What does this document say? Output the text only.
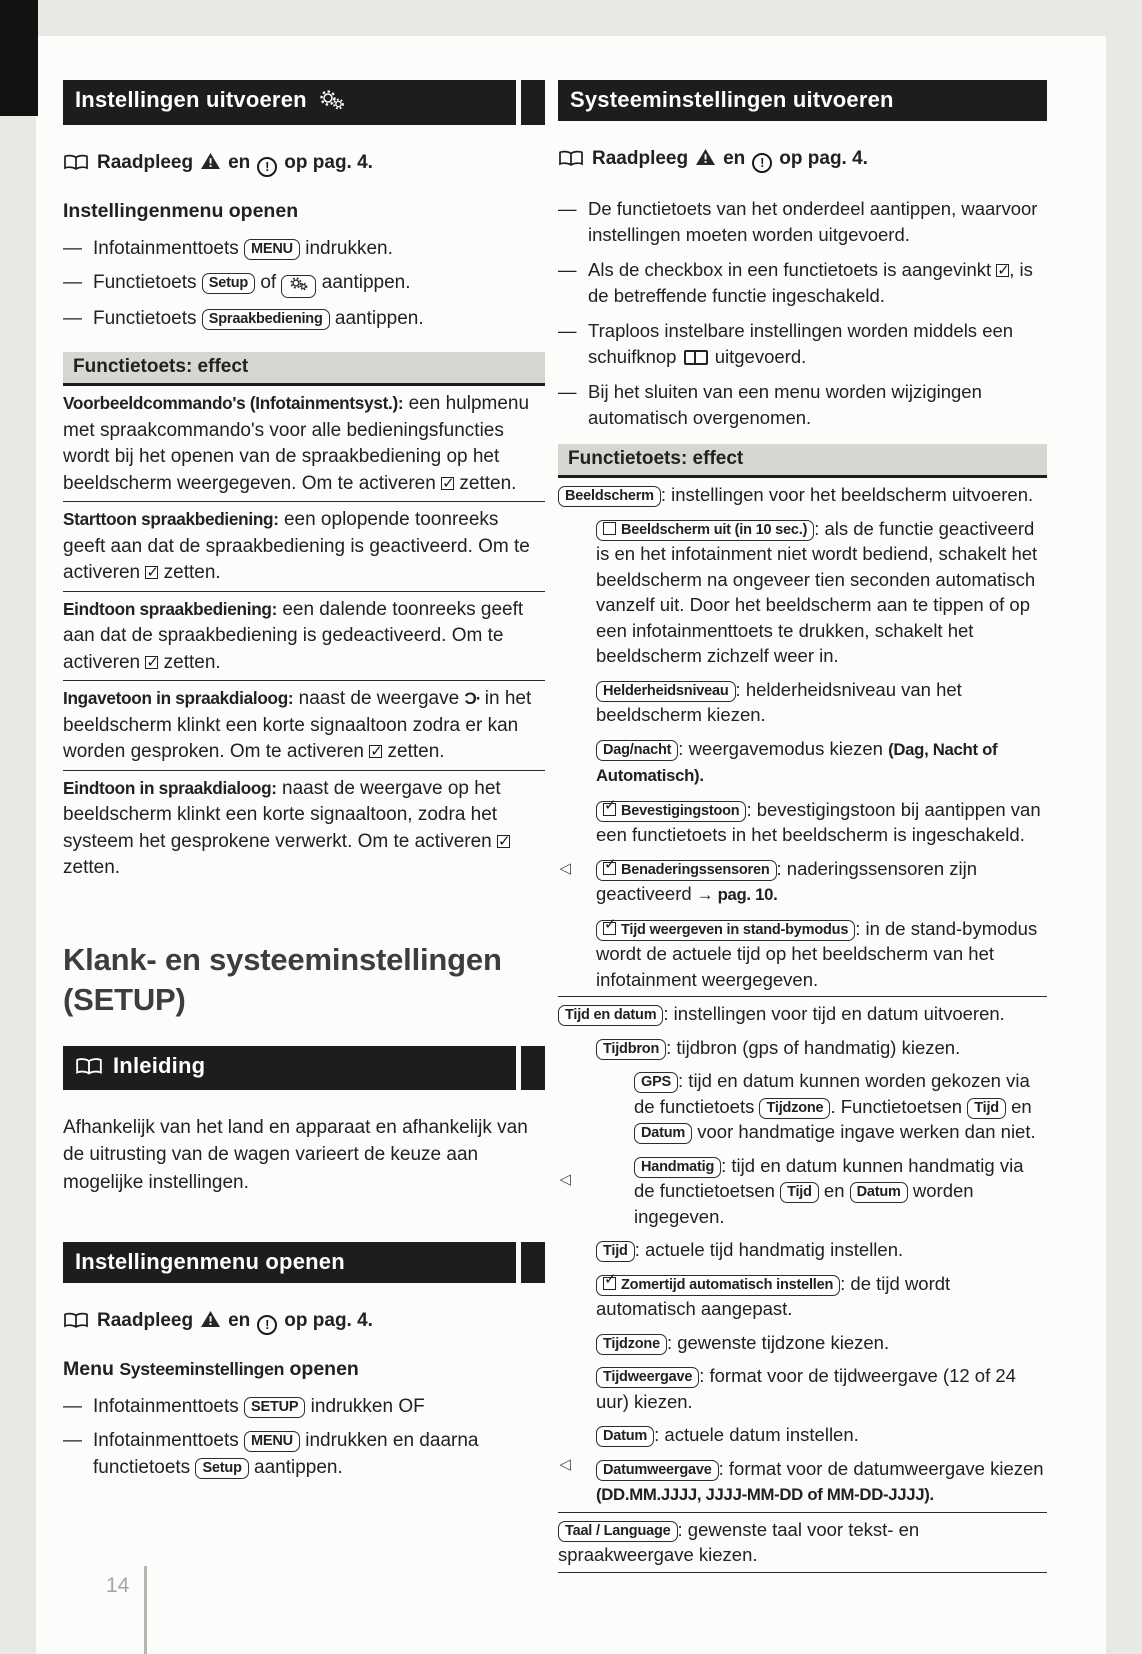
Instellingen uitvoeren
Raadpleeg en ! op pag. 4.
Instellingenmenu openen
— Infotainmenttoets MENU indrukken.
— Functietoets Setup of  aantippen.
— Functietoets Spraakbediening aantippen.
Functietoets: effect
Voorbeeldcommando's (Infotainmentsyst.): een hulpmenu met spraakcommando's voor alle bedieningsfuncties wordt bij het openen van de spraakbediening op het beeldscherm weergegeven. Om te activeren ✓ zetten.
Starttoon spraakbediening: een oplopende toonreeks geeft aan dat de spraakbediening is geactiveerd. Om te activeren ✓ zetten.
Eindtoon spraakbediening: een dalende toonreeks geeft aan dat de spraakbediening is gedeactiveerd. Om te activeren ✓ zetten.
Ingavetoon in spraakdialoog: naast de weergave Ɔ∙ in het beeldscherm klinkt een korte signaaltoon zodra er kan worden gesproken. Om te activeren ✓ zetten.
Eindtoon in spraakdialoog: naast de weergave op het beeldscherm klinkt een korte signaaltoon, zodra het systeem het gesprokene verwerkt. Om te activeren ✓ zetten.	◁
Klank- en systeeminstellingen (SETUP)
Inleiding
Afhankelijk van het land en apparaat en afhankelijk van de uitrusting van de wagen varieert de keuze aan mogelijke instellingen.	◁
Instellingenmenu openen
Raadpleeg en ! op pag. 4.
Menu Systeeminstellingen openen
— Infotainmenttoets SETUP indrukken OF
— Infotainmenttoets MENU indrukken en daarna functietoets Setup aantippen.	◁
Systeeminstellingen uitvoeren
Raadpleeg en ! op pag. 4.
— De functietoets van het onderdeel aantippen, waarvoor instellingen moeten worden uitgevoerd.
— Als de checkbox in een functietoets is aangevinkt ✓, is de betreffende functie ingeschakeld.
— Traploos instelbare instellingen worden middels een schuifknop  uitgevoerd.
— Bij het sluiten van een menu worden wijzigingen automatisch overgenomen.
Functietoets: effect
Beeldscherm : instellingen voor het beeldscherm uitvoeren.
Beeldscherm uit (in 10 sec.) : als de functie geactiveerd is en het infotainment niet wordt bediend, schakelt het beeldscherm na ongeveer tien seconden automatisch vanzelf uit. Door het beeldscherm aan te tippen of op een infotainmenttoets te drukken, schakelt het beeldscherm zichzelf weer in.
Helderheidsniveau : helderheidsniveau van het beeldscherm kiezen.
Dag/nacht : weergavemodus kiezen (Dag, Nacht of Automatisch).
✓Bevestigingstoon : bevestigingstoon bij aantippen van een functietoets in het beeldscherm is ingeschakeld.
✓Benaderingssensoren : naderingssensoren zijn geactiveerd → pag. 10.
✓Tijd weergeven in stand-bymodus : in de stand-bymodus wordt de actuele tijd op het beeldscherm van het infotainment weergegeven.
Tijd en datum : instellingen voor tijd en datum uitvoeren.
Tijdbron : tijdbron (gps of handmatig) kiezen.
GPS : tijd en datum kunnen worden gekozen via de functietoets Tijdzone . Functietoetsen Tijd en Datum voor handmatige ingave werken dan niet.
Handmatig : tijd en datum kunnen handmatig via de functietoetsen Tijd en Datum worden ingegeven.
Tijd : actuele tijd handmatig instellen.
✓Zomertijd automatisch instellen : de tijd wordt automatisch aangepast.
Tijdzone : gewenste tijdzone kiezen.
Tijdweergave : format voor de tijdweergave (12 of 24 uur) kiezen.
Datum : actuele datum instellen.
Datumweergave : format voor de datumweergave kiezen (DD.MM.JJJJ, JJJJ-MM-DD of MM-DD-JJJJ).
Taal / Language : gewenste taal voor tekst- en spraakweergave kiezen.
14
